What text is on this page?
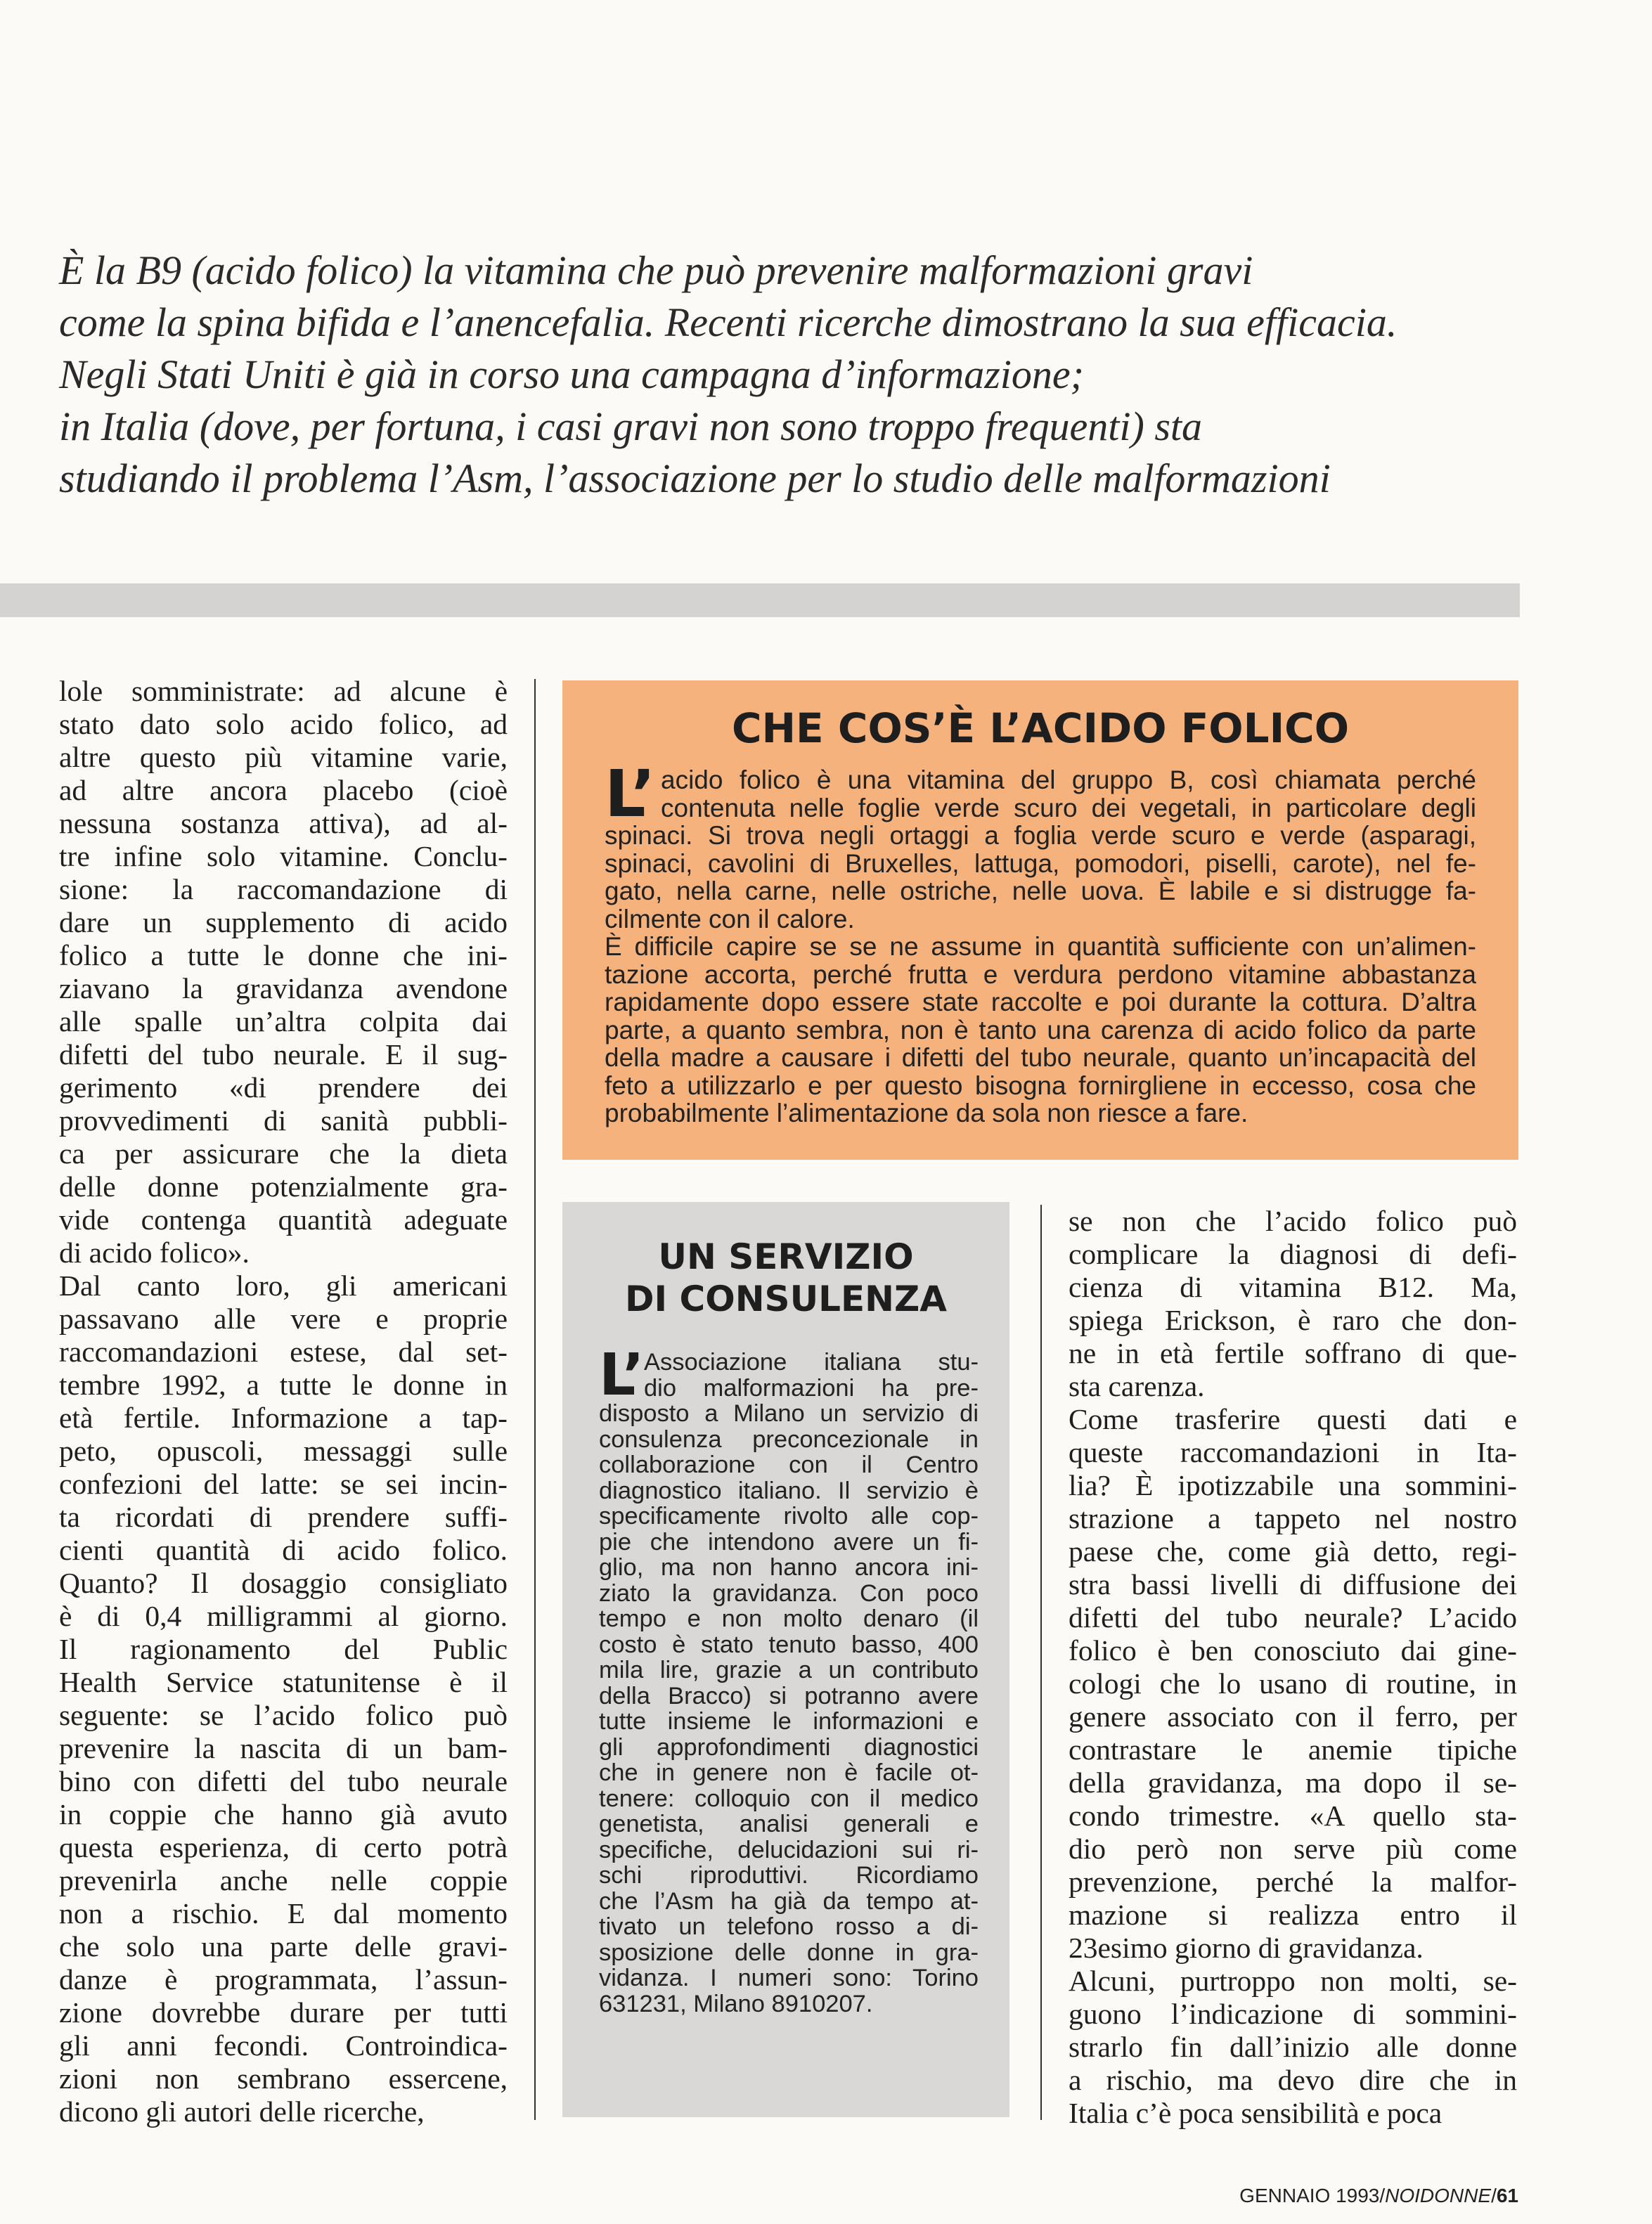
È la B9 (acido folico) la vitamina che può prevenire malformazioni gravi
come la spina bifida e l’anencefalia. Recenti ricerche dimostrano la sua efficacia.
Negli Stati Uniti è già in corso una campagna d’informazione;
in Italia (dove, per fortuna, i casi gravi non sono troppo frequenti) sta
studiando il problema l’Asm, l’associazione per lo studio delle malformazioni
lole somministrate: ad alcune è
stato dato solo acido folico, ad
altre questo più vitamine varie,
ad altre ancora placebo (cioè
nessuna sostanza attiva), ad al-
tre infine solo vitamine. Conclu-
sione: la raccomandazione di
dare un supplemento di acido
folico a tutte le donne che ini-
ziavano la gravidanza avendone
alle spalle un’altra colpita dai
difetti del tubo neurale. E il sug-
gerimento «di prendere dei
provvedimenti di sanità pubbli-
ca per assicurare che la dieta
delle donne potenzialmente gra-
vide contenga quantità adeguate
di acido folico».
Dal canto loro, gli americani
passavano alle vere e proprie
raccomandazioni estese, dal set-
tembre 1992, a tutte le donne in
età fertile. Informazione a tap-
peto, opuscoli, messaggi sulle
confezioni del latte: se sei incin-
ta ricordati di prendere suffi-
cienti quantità di acido folico.
Quanto? Il dosaggio consigliato
è di 0,4 milligrammi al giorno.
Il ragionamento del Public
Health Service statunitense è il
seguente: se l’acido folico può
prevenire la nascita di un bam-
bino con difetti del tubo neurale
in coppie che hanno già avuto
questa esperienza, di certo potrà
prevenirla anche nelle coppie
non a rischio. E dal momento
che solo una parte delle gravi-
danze è programmata, l’assun-
zione dovrebbe durare per tutti
gli anni fecondi. Controindica-
zioni non sembrano essercene,
dicono gli autori delle ricerche,
CHE COS’È L’ACIDO FOLICO
L’ acido folico è una vitamina del gruppo B, così chiamata perché
contenuta nelle foglie verde scuro dei vegetali, in particolare degli
spinaci. Si trova negli ortaggi a foglia verde scuro e verde (asparagi,
spinaci, cavolini di Bruxelles, lattuga, pomodori, piselli, carote), nel fe-
gato, nella carne, nelle ostriche, nelle uova. È labile e si distrugge fa-
cilmente con il calore.
È difficile capire se se ne assume in quantità sufficiente con un’alimen-
tazione accorta, perché frutta e verdura perdono vitamine abbastanza
rapidamente dopo essere state raccolte e poi durante la cottura. D’altra
parte, a quanto sembra, non è tanto una carenza di acido folico da parte
della madre a causare i difetti del tubo neurale, quanto un’incapacità del
feto a utilizzarlo e per questo bisogna fornirgliene in eccesso, cosa che
probabilmente l’alimentazione da sola non riesce a fare.
UN SERVIZIO
DI CONSULENZA
L’ Associazione italiana stu-
dio malformazioni ha pre-
disposto a Milano un servizio di
consulenza preconcezionale in
collaborazione con il Centro
diagnostico italiano. Il servizio è
specificamente rivolto alle cop-
pie che intendono avere un fi-
glio, ma non hanno ancora ini-
ziato la gravidanza. Con poco
tempo e non molto denaro (il
costo è stato tenuto basso, 400
mila lire, grazie a un contributo
della Bracco) si potranno avere
tutte insieme le informazioni e
gli approfondimenti diagnostici
che in genere non è facile ot-
tenere: colloquio con il medico
genetista, analisi generali e
specifiche, delucidazioni sui ri-
schi riproduttivi. Ricordiamo
che l’Asm ha già da tempo at-
tivato un telefono rosso a di-
sposizione delle donne in gra-
vidanza. I numeri sono: Torino
631231, Milano 8910207.
se non che l’acido folico può
complicare la diagnosi di defi-
cienza di vitamina B12. Ma,
spiega Erickson, è raro che don-
ne in età fertile soffrano di que-
sta carenza.
Come trasferire questi dati e
queste raccomandazioni in Ita-
lia? È ipotizzabile una sommini-
strazione a tappeto nel nostro
paese che, come già detto, regi-
stra bassi livelli di diffusione dei
difetti del tubo neurale? L’acido
folico è ben conosciuto dai gine-
cologi che lo usano di routine, in
genere associato con il ferro, per
contrastare le anemie tipiche
della gravidanza, ma dopo il se-
condo trimestre. «A quello sta-
dio però non serve più come
prevenzione, perché la malfor-
mazione si realizza entro il
23esimo giorno di gravidanza.
Alcuni, purtroppo non molti, se-
guono l’indicazione di sommini-
strarlo fin dall’inizio alle donne
a rischio, ma devo dire che in
Italia c’è poca sensibilità e poca
GENNAIO 1993/NOIDONNE/61
